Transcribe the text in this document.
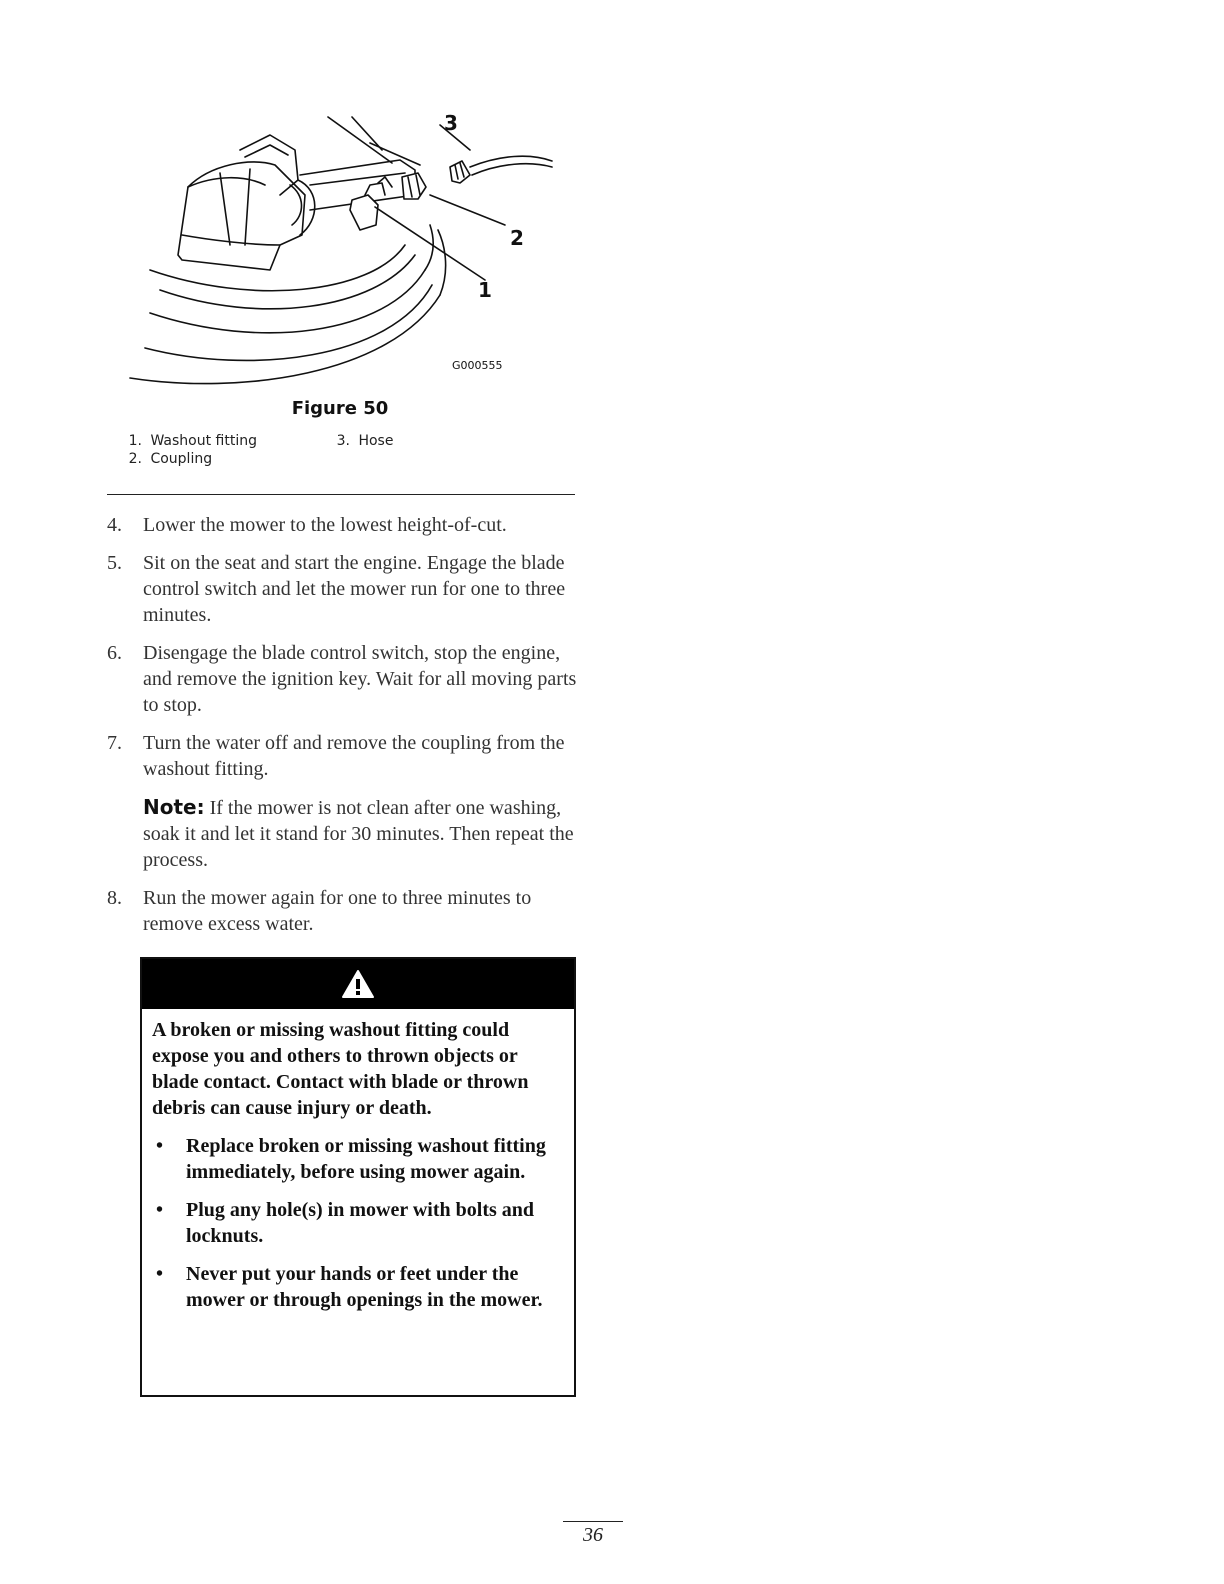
3
2
1
G000555
Figure 50
1. Washout fitting
2. Coupling
3. Hose
4. Lower the mower to the lowest height-of-cut.
5. Sit on the seat and start the engine. Engage the blade control switch and let the mower run for one to three minutes.
6. Disengage the blade control switch, stop the engine, and remove the ignition key. Wait for all moving parts to stop.
7. Turn the water off and remove the coupling from the washout fitting.
Note: If the mower is not clean after one washing, soak it and let it stand for 30 minutes. Then repeat the process.
8. Run the mower again for one to three minutes to remove excess water.
A broken or missing washout fitting could expose you and others to thrown objects or blade contact. Contact with blade or thrown debris can cause injury or death.
• Replace broken or missing washout fitting immediately, before using mower again.
• Plug any hole(s) in mower with bolts and locknuts.
• Never put your hands or feet under the mower or through openings in the mower.
36
